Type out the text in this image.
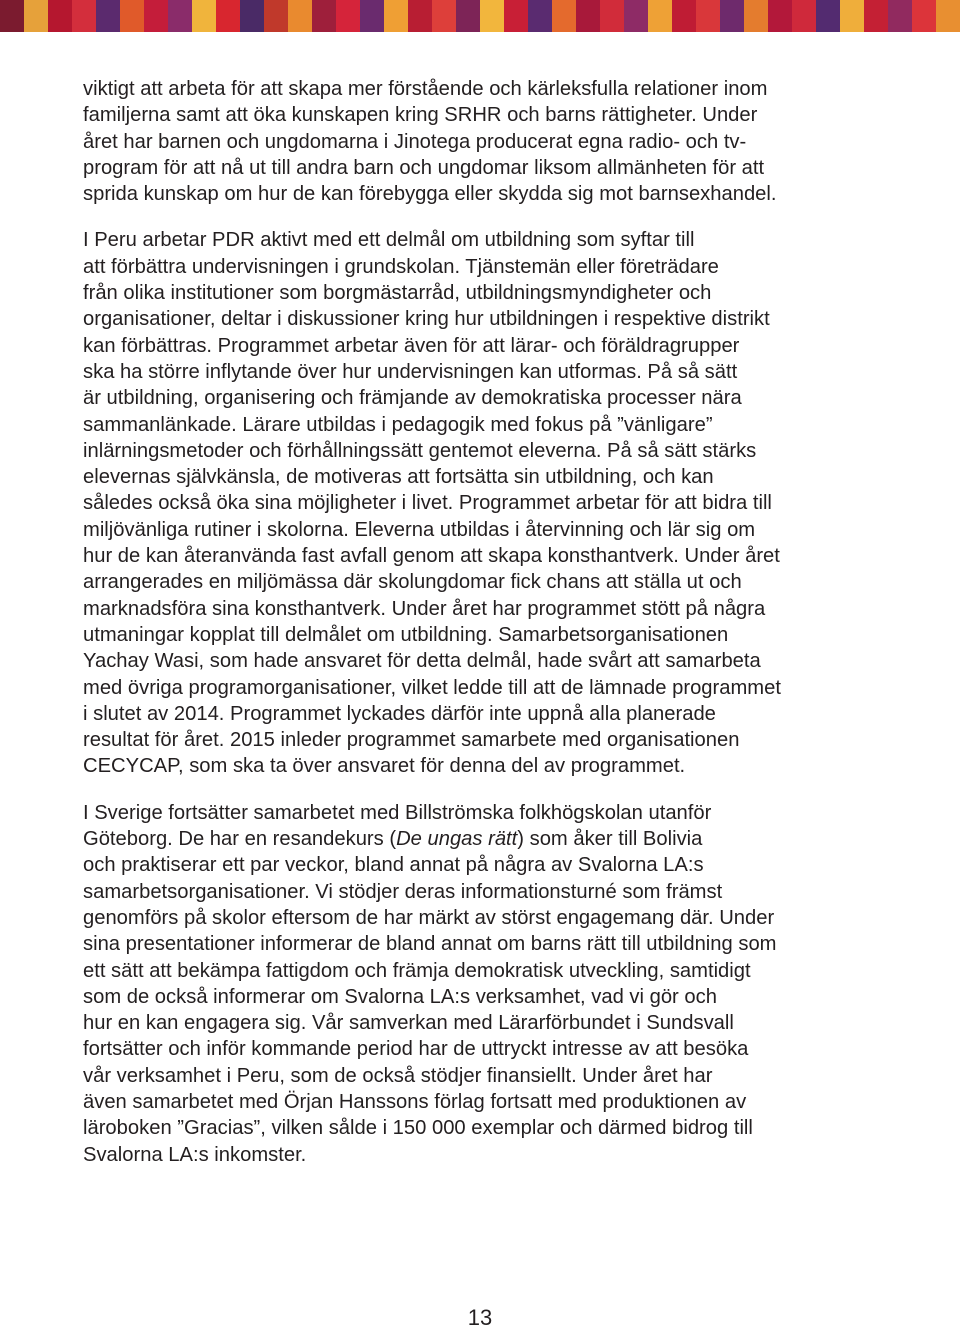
viktigt att arbeta för att skapa mer förstående och kärleksfulla relationer inom
familjerna samt att öka kunskapen kring SRHR och barns rättigheter. Under
året har barnen och ungdomarna i Jinotega producerat egna radio- och tv-
program för att nå ut till andra barn och ungdomar liksom allmänheten för att
sprida kunskap om hur de kan förebygga eller skydda sig mot barnsexhandel.

I Peru arbetar PDR aktivt med ett delmål om utbildning som syftar till
att förbättra undervisningen i grundskolan. Tjänstemän eller företrädare
från olika institutioner som borgmästarråd, utbildningsmyndigheter och
organisationer, deltar i diskussioner kring hur utbildningen i respektive distrikt
kan förbättras. Programmet arbetar även för att lärar- och föräldragrupper
ska ha större inflytande över hur undervisningen kan utformas. På så sätt
är utbildning, organisering och främjande av demokratiska processer nära
sammanlänkade. Lärare utbildas i pedagogik med fokus på ”vänligare”
inlärningsmetoder och förhållningssätt gentemot eleverna. På så sätt stärks
elevernas självkänsla, de motiveras att fortsätta sin utbildning, och kan
således också öka sina möjligheter i livet. Programmet arbetar för att bidra till
miljövänliga rutiner i skolorna. Eleverna utbildas i återvinning och lär sig om
hur de kan återanvända fast avfall genom att skapa konsthantverk. Under året
arrangerades en miljömässa där skolungdomar fick chans att ställa ut och
marknadsföra sina konsthantverk. Under året har programmet stött på några
utmaningar kopplat till delmålet om utbildning. Samarbetsorganisationen
Yachay Wasi, som hade ansvaret för detta delmål, hade svårt att samarbeta
med övriga programorganisationer, vilket ledde till att de lämnade programmet
i slutet av 2014. Programmet lyckades därför inte uppnå alla planerade
resultat för året. 2015 inleder programmet samarbete med organisationen
CECYCAP, som ska ta över ansvaret för denna del av programmet.

I Sverige fortsätter samarbetet med Billströmska folkhögskolan utanför
Göteborg. De har en resandekurs (De ungas rätt) som åker till Bolivia
och praktiserar ett par veckor, bland annat på några av Svalorna LA:s
samarbetsorganisationer. Vi stödjer deras informationsturné som främst
genomförs på skolor eftersom de har märkt av störst engagemang där. Under
sina presentationer informerar de bland annat om barns rätt till utbildning som
ett sätt att bekämpa fattigdom och främja demokratisk utveckling, samtidigt
som de också informerar om Svalorna LA:s verksamhet, vad vi gör och
hur en kan engagera sig. Vår samverkan med Lärarförbundet i Sundsvall
fortsätter och inför kommande period har de uttryckt intresse av att besöka
vår verksamhet i Peru, som de också stödjer finansiellt. Under året har
även samarbetet med Örjan Hanssons förlag fortsatt med produktionen av
läroboken ”Gracias”, vilken sålde i 150 000 exemplar och därmed bidrog till
Svalorna LA:s inkomster.

13
